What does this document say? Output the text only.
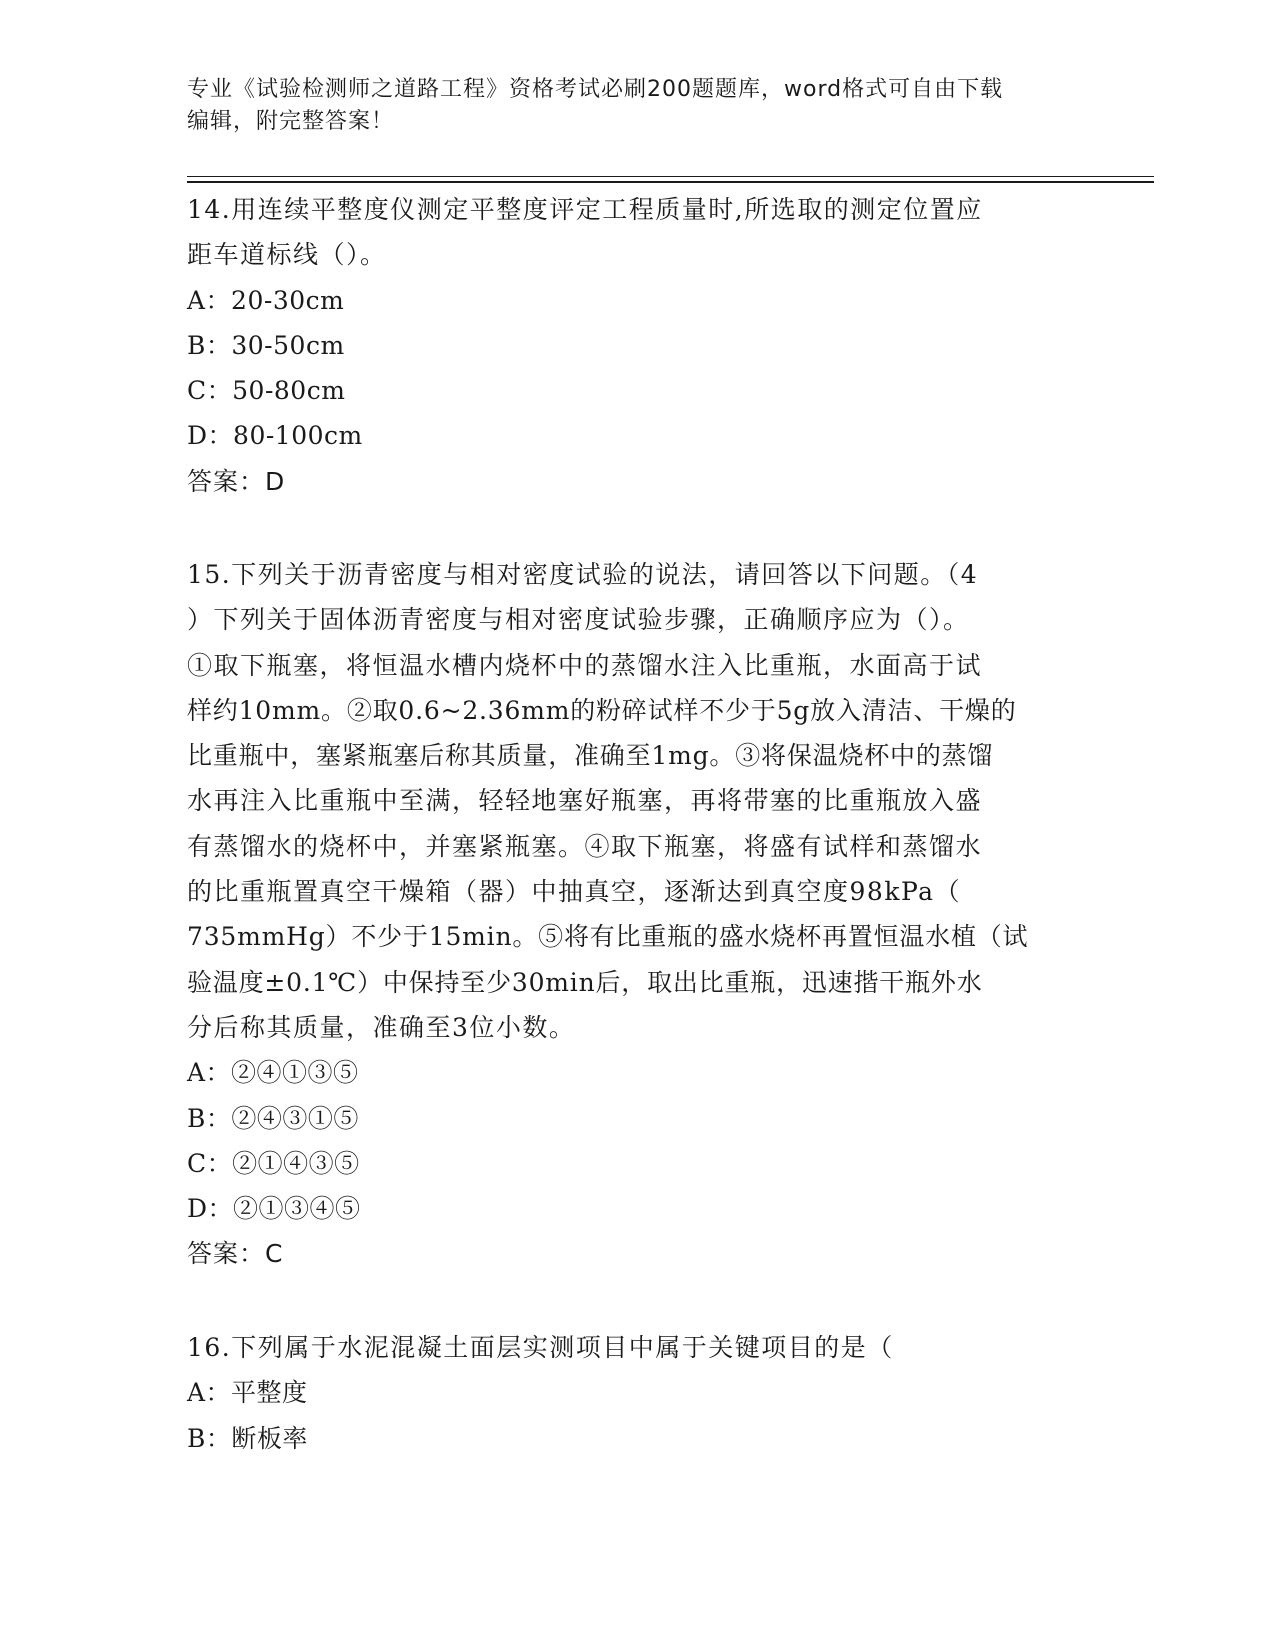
专业《试验检测师之道路工程》资格考试必刷200题题库，word格式可自由下载
编辑，附完整答案！
14.用连续平整度仪测定平整度评定工程质量时,所选取的测定位置应
距车道标线（）。
A：20-30cm
B：30-50cm
C：50-80cm
D：80-100cm
答案：D
15.下列关于沥青密度与相对密度试验的说法，请回答以下问题。（4
）下列关于固体沥青密度与相对密度试验步骤，正确顺序应为（）。
①取下瓶塞，将恒温水槽内烧杯中的蒸馏水注入比重瓶，水面高于试
样约10mm。②取0.6~2.36mm的粉碎试样不少于5g放入清洁、干燥的
比重瓶中，塞紧瓶塞后称其质量，准确至1mg。③将保温烧杯中的蒸馏
水再注入比重瓶中至满，轻轻地塞好瓶塞，再将带塞的比重瓶放入盛
有蒸馏水的烧杯中，并塞紧瓶塞。④取下瓶塞，将盛有试样和蒸馏水
的比重瓶置真空干燥箱（器）中抽真空，逐渐达到真空度98kPa（
735mmHg）不少于15min。⑤将有比重瓶的盛水烧杯再置恒温水植（试
验温度±0.1℃）中保持至少30min后，取出比重瓶，迅速揩干瓶外水
分后称其质量，准确至3位小数。
A：②④①③⑤
B：②④③①⑤
C：②①④③⑤
D：②①③④⑤
答案：C
16.下列属于水泥混凝土面层实测项目中属于关键项目的是（
A：平整度
B：断板率
